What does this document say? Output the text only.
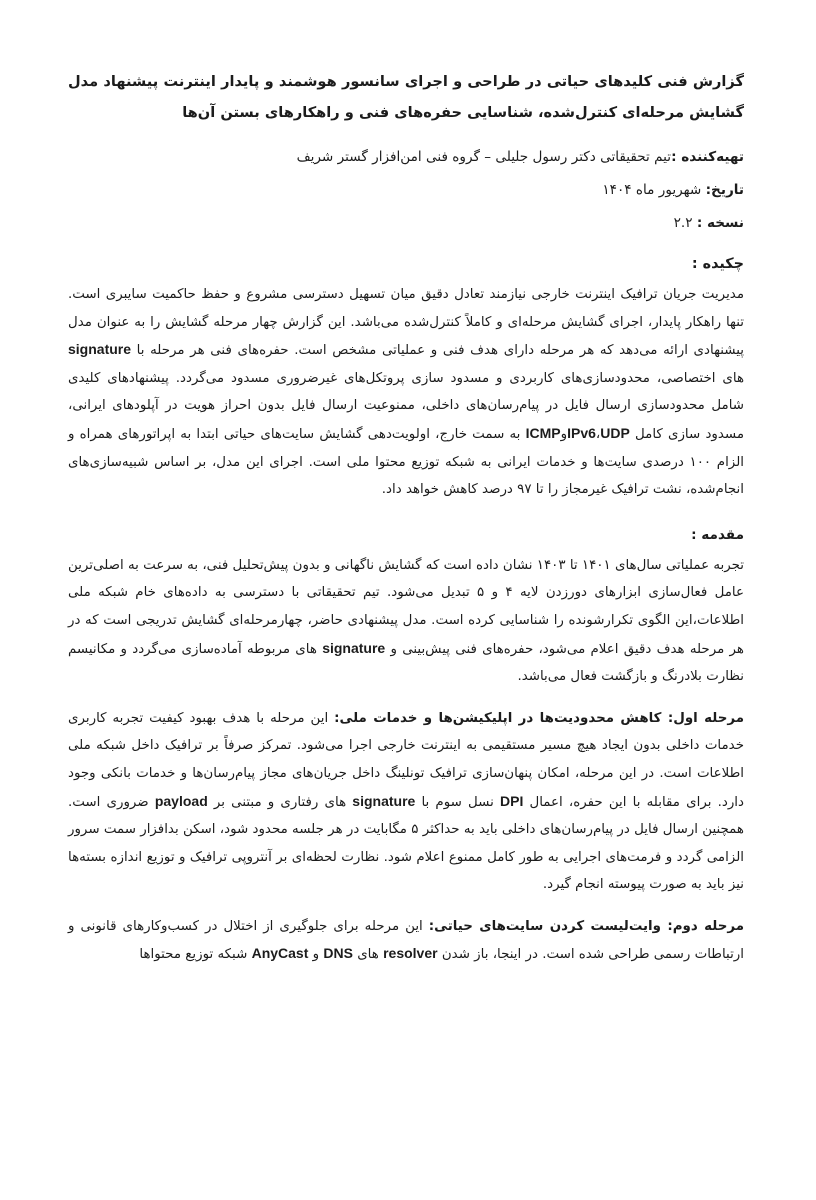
گزارش فنی کلیدهای حیاتی در طراحی و اجرای سانسور هوشمند و پایدار اینترنت پیشنهاد مدل گشایش مرحله‌ای کنترل‌شده، شناسایی حفره‌های فنی و راهکارهای بستن آن‌ها
تهیه‌کننده :تیم تحقیقاتی دکتر رسول جلیلی – گروه فنی امن‌افزار گستر شریف
تاریخ: شهریور ماه ۱۴۰۴
نسخه : ۲.۲
چکیده :
مدیریت جریان ترافیک اینترنت خارجی نیازمند تعادل دقیق میان تسهیل دسترسی مشروع و حفظ حاکمیت سایبری است. تنها راهکار پایدار، اجرای گشایش مرحله‌ای و کاملاً کنترل‌شده می‌باشد. این گزارش چهار مرحله گشایش را به عنوان مدل پیشنهادی ارائه می‌دهد که هر مرحله دارای هدف فنی و عملیاتی مشخص است. حفره‌های فنی هر مرحله با signature های اختصاصی، محدودسازی‌های کاربردی و مسدود سازی پروتکل‌های غیرضروری مسدود می‌گردد. پیشنهادهای کلیدی شامل محدودسازی ارسال فایل در پیام‌رسان‌های داخلی، ممنوعیت ارسال فایل بدون احراز هویت در آپلودهای ایرانی، مسدود سازی کامل IPv6،UDPوICMP به سمت خارج، اولویت‌دهی گشایش سایت‌های حیاتی ابتدا به اپراتورهای همراه و الزام ۱۰۰ درصدی سایت‌ها و خدمات ایرانی به شبکه توزیع محتوا ملی است. اجرای این مدل، بر اساس شبیه‌سازی‌های انجام‌شده، نشت ترافیک غیرمجاز را تا ۹۷ درصد کاهش خواهد داد.
مقدمه :
تجربه عملیاتی سال‌های ۱۴۰۱ تا ۱۴۰۳ نشان داده است که گشایش ناگهانی و بدون پیش‌تحلیل فنی، به سرعت به اصلی‌ترین عامل فعال‌سازی ابزارهای دورزدن لایه ۴ و ۵ تبدیل می‌شود. تیم تحقیقاتی با دسترسی به داده‌های خام شبکه ملی اطلاعات،این الگوی تکرارشونده را شناسایی کرده است. مدل پیشنهادی حاضر، چهارمرحله‌ای گشایش تدریجی است که در هر مرحله هدف دقیق اعلام می‌شود، حفره‌های فنی پیش‌بینی و signature های مربوطه آماده‌سازی می‌گردد و مکانیسم نظارت بلادرنگ و بازگشت فعال می‌باشد.
مرحله اول: کاهش محدودیت‌ها در اپلیکیشن‌ها و خدمات ملی: این مرحله با هدف بهبود کیفیت تجربه کاربری خدمات داخلی بدون ایجاد هیچ مسیر مستقیمی به اینترنت خارجی اجرا می‌شود. تمرکز صرفاً بر ترافیک داخل شبکه ملی اطلاعات است. در این مرحله، امکان پنهان‌سازی ترافیک تونلینگ داخل جریان‌های مجاز پیام‌رسان‌ها و خدمات بانکی وجود دارد. برای مقابله با این حفره، اعمال DPI نسل سوم با signature های رفتاری و مبتنی بر payload ضروری است. همچنین ارسال فایل در پیام‌رسان‌های داخلی باید به حداکثر ۵ مگابایت در هر جلسه محدود شود، اسکن بدافزار سمت سرور الزامی گردد و فرمت‌های اجرایی به طور کامل ممنوع اعلام شود. نظارت لحظه‌ای بر آنتروپی ترافیک و توزیع اندازه بسته‌ها نیز باید به صورت پیوسته انجام گیرد.
مرحله دوم: وایت‌لیست کردن سایت‌های حیاتی: این مرحله برای جلوگیری از اختلال در کسب‌وکارهای قانونی و ارتباطات رسمی طراحی شده است. در اینجا، باز شدن resolver های DNS و AnyCast شبکه توزیع محتواها
